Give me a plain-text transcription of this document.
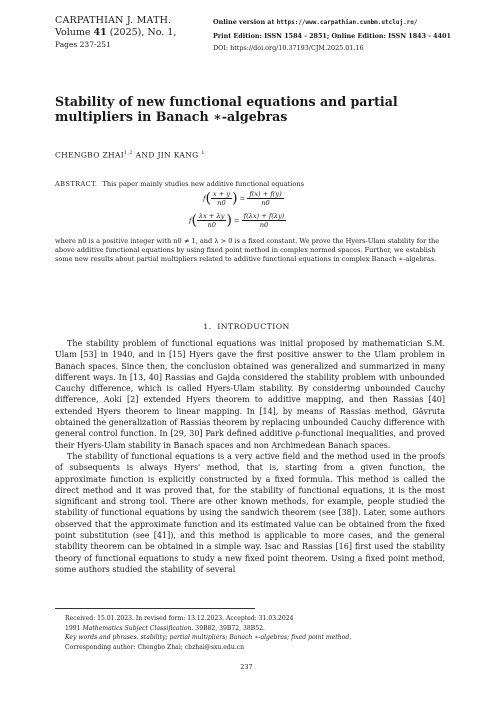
CARPATHIAN J. MATH.
Volume 41 (2025), No. 1,
Pages 237-251
Online version at https://www.carpathian.cunbm.utcluj.ro/
Print Edition: ISSN 1584 - 2851; Online Edition: ISSN 1843 - 4401
DOI: https://doi.org/10.37193/CJM.2025.01.16
Stability of new functional equations and partial multipliers in Banach ∗-algebras
CHENGBO ZHAI$^{1,2}$ AND JIN KANG $^1$
ABSTRACT. This paper mainly studies new additive functional equations
$f( \frac{x + y}{n0}$ ) = $\frac{f(x) + f(y)}{n0}$
$f( \frac{\lambda x + \lambda y}{n0}$ ) = $\frac{f(\lambda x) + f(\lambda y)}{n0}$
where n0 is a positive integer with n0 ≠ 1, and λ > 0 is a fixed constant. We prove the Hyers-Ulam stability for the above additive functional equations by using fixed point method in complex normed spaces. Further, we establish some new results about partial multipliers related to additive functional equations in complex Banach ∗-algebras.
1. INTRODUCTION

The stability problem of functional equations was initial proposed by mathematician S.M. Ulam [53] in 1940, and in [15] Hyers gave the first positive answer to the Ulam problem in Banach spaces. Since then, the conclusion obtained was generalized and summarized in many different ways. In [13, 40] Rassias and Gajda considered the stability problem with unbounded Cauchy difference, which is called Hyers-Ulam stability. By considering unbounded Cauchy difference, Aoki [2] extended Hyers theorem to additive mapping, and then Rassias [40] extended Hyers theorem to linear mapping. In [14], by means of Rassias method, Găvruta obtained the generalization of Rassias theorem by replacing unbounded Cauchy difference with general control function. In [29, 30] Park defined additive ρ-functional inequalities, and proved their Hyers-Ulam stability in Banach spaces and non Archimedean Banach spaces.

The stability of functional equations is a very active field and the method used in the proofs of subsequents is always Hyers' method, that is, starting from a given function, the approximate function is explicitly constructed by a fixed formula. This method is called the direct method and it was proved that, for the stability of functional equations, it is the most significant and strong tool. There are other known methods, for example, people studied the stability of functional equations by using the sandwich theorem (see [38]). Later, some authors observed that the approximate function and its estimated value can be obtained from the fixed point substitution (see [41]), and this method is applicable to more cases, and the general stability theorem can be obtained in a simple way. Isac and Rassias [16] first used the stability theory of functional equations to study a new fixed point theorem. Using a fixed point method, some authors studied the stability of several

Received: 15.01.2023. In revised form: 13.12.2023. Accepted: 31.03.2024
1991 Mathematics Subject Classification. 39B82, 39B72, 38B52.
Key words and phrases. stability; partial multipliers; Banach ∗-algebras; fixed point method.
Corresponding author: Chengbo Zhai; cbzhai@sxu.edu.cn
237
